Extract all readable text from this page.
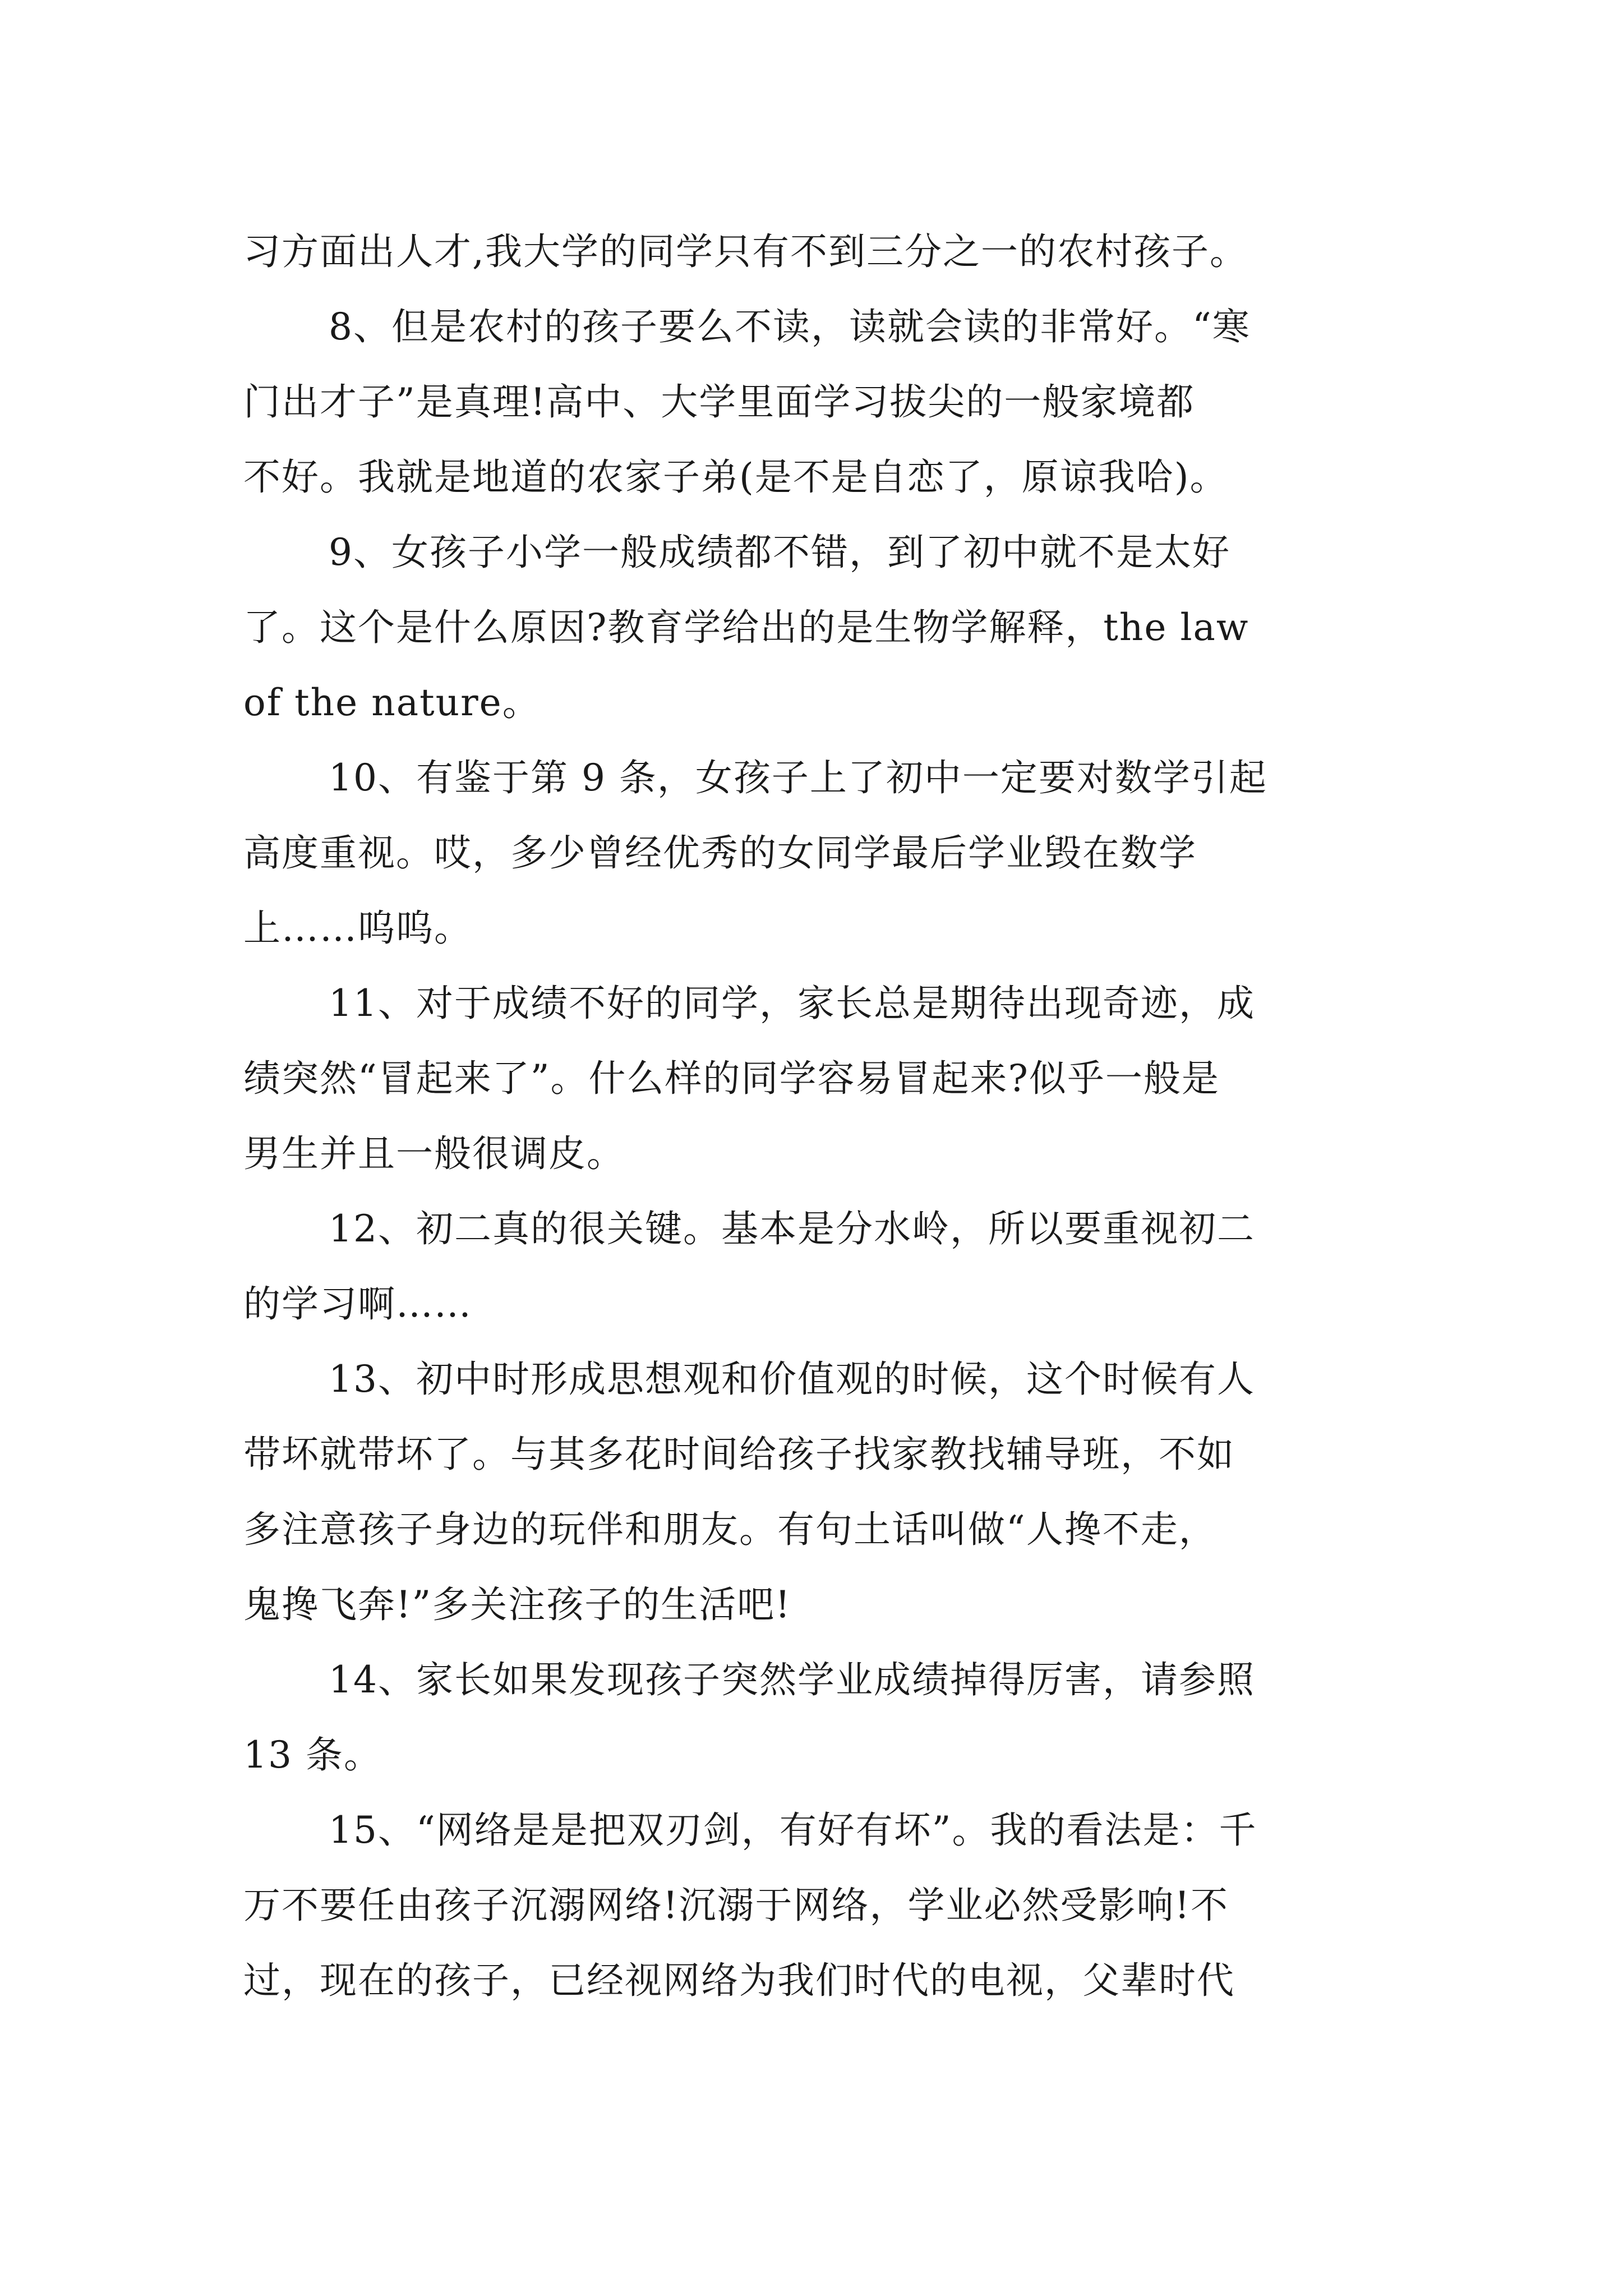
习方面出人才,我大学的同学只有不到三分之一的农村孩子。
8、但是农村的孩子要么不读，读就会读的非常好。“寒
门出才子”是真理!高中、大学里面学习拔尖的一般家境都
不好。我就是地道的农家子弟(是不是自恋了，原谅我哈)。
9、女孩子小学一般成绩都不错，到了初中就不是太好
了。这个是什么原因?教育学给出的是生物学解释，the law
of the nature。
10、有鉴于第 9 条，女孩子上了初中一定要对数学引起
高度重视。哎，多少曾经优秀的女同学最后学业毁在数学
上……呜呜。
11、对于成绩不好的同学，家长总是期待出现奇迹，成
绩突然“冒起来了”。什么样的同学容易冒起来?似乎一般是
男生并且一般很调皮。
12、初二真的很关键。基本是分水岭，所以要重视初二
的学习啊……
13、初中时形成思想观和价值观的时候，这个时候有人
带坏就带坏了。与其多花时间给孩子找家教找辅导班，不如
多注意孩子身边的玩伴和朋友。有句土话叫做“人搀不走，
鬼搀飞奔!”多关注孩子的生活吧!
14、家长如果发现孩子突然学业成绩掉得厉害，请参照
13 条。
15、“网络是是把双刃剑，有好有坏”。我的看法是：千
万不要任由孩子沉溺网络!沉溺于网络，学业必然受影响!不
过，现在的孩子，已经视网络为我们时代的电视，父辈时代
